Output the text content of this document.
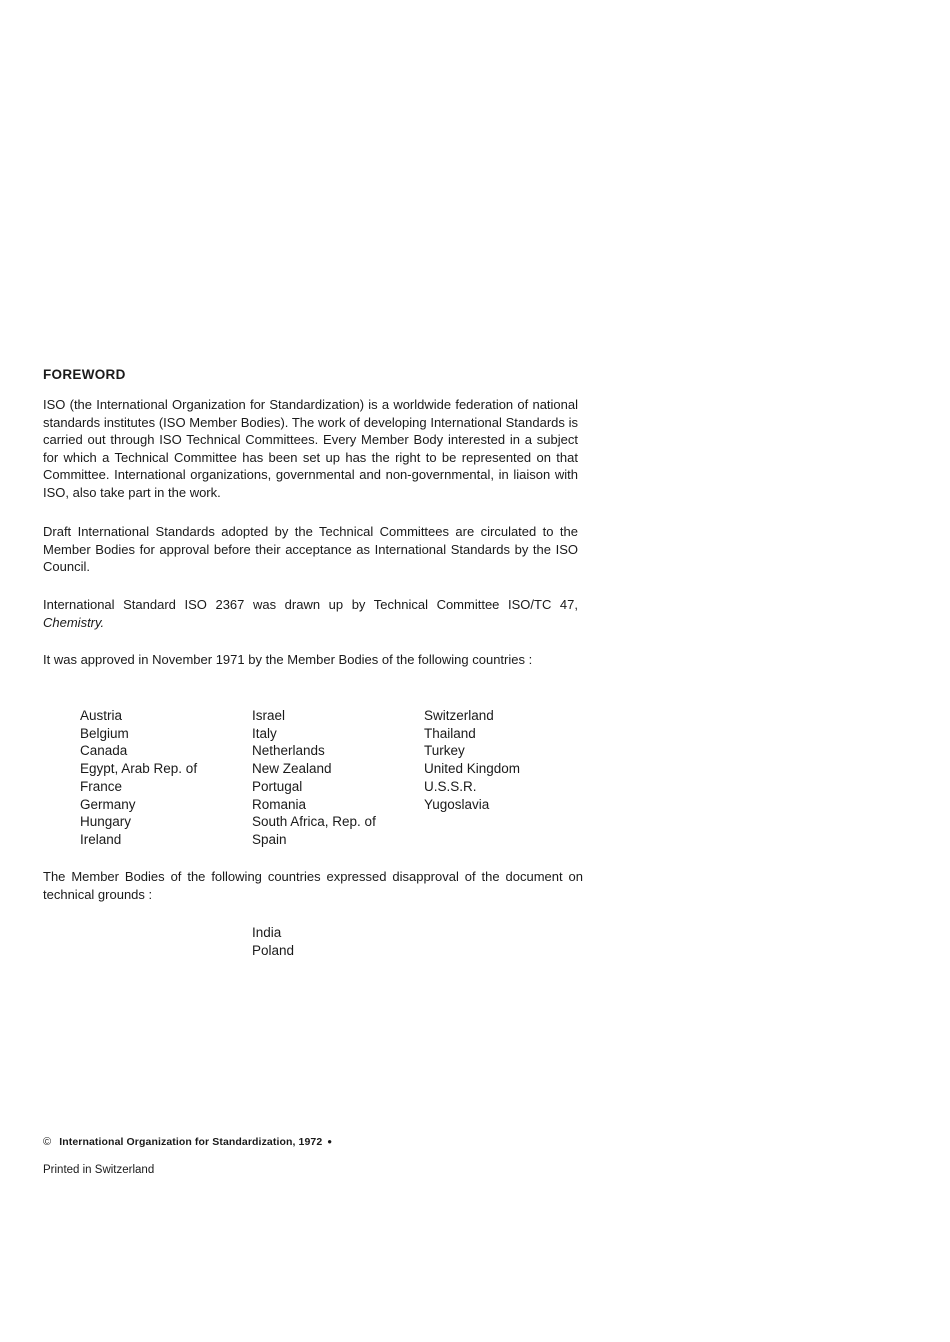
FOREWORD

ISO (the International Organization for Standardization) is a worldwide federation of national standards institutes (ISO Member Bodies). The work of developing International Standards is carried out through ISO Technical Committees. Every Member Body interested in a subject for which a Technical Committee has been set up has the right to be represented on that Committee. International organizations, governmental and non-governmental, in liaison with ISO, also take part in the work.

Draft International Standards adopted by the Technical Committees are circulated to the Member Bodies for approval before their acceptance as International Standards by the ISO Council.

International Standard ISO 2367 was drawn up by Technical Committee ISO/TC 47, Chemistry.

It was approved in November 1971 by the Member Bodies of the following countries :

Austria
Belgium
Canada
Egypt, Arab Rep. of
France
Germany
Hungary
Ireland
Israel
Italy
Netherlands
New Zealand
Portugal
Romania
South Africa, Rep. of
Spain
Switzerland
Thailand
Turkey
United Kingdom
U.S.S.R.
Yugoslavia

The Member Bodies of the following countries expressed disapproval of the document on technical grounds :

India
Poland
© International Organization for Standardization, 1972 ●
Printed in Switzerland
